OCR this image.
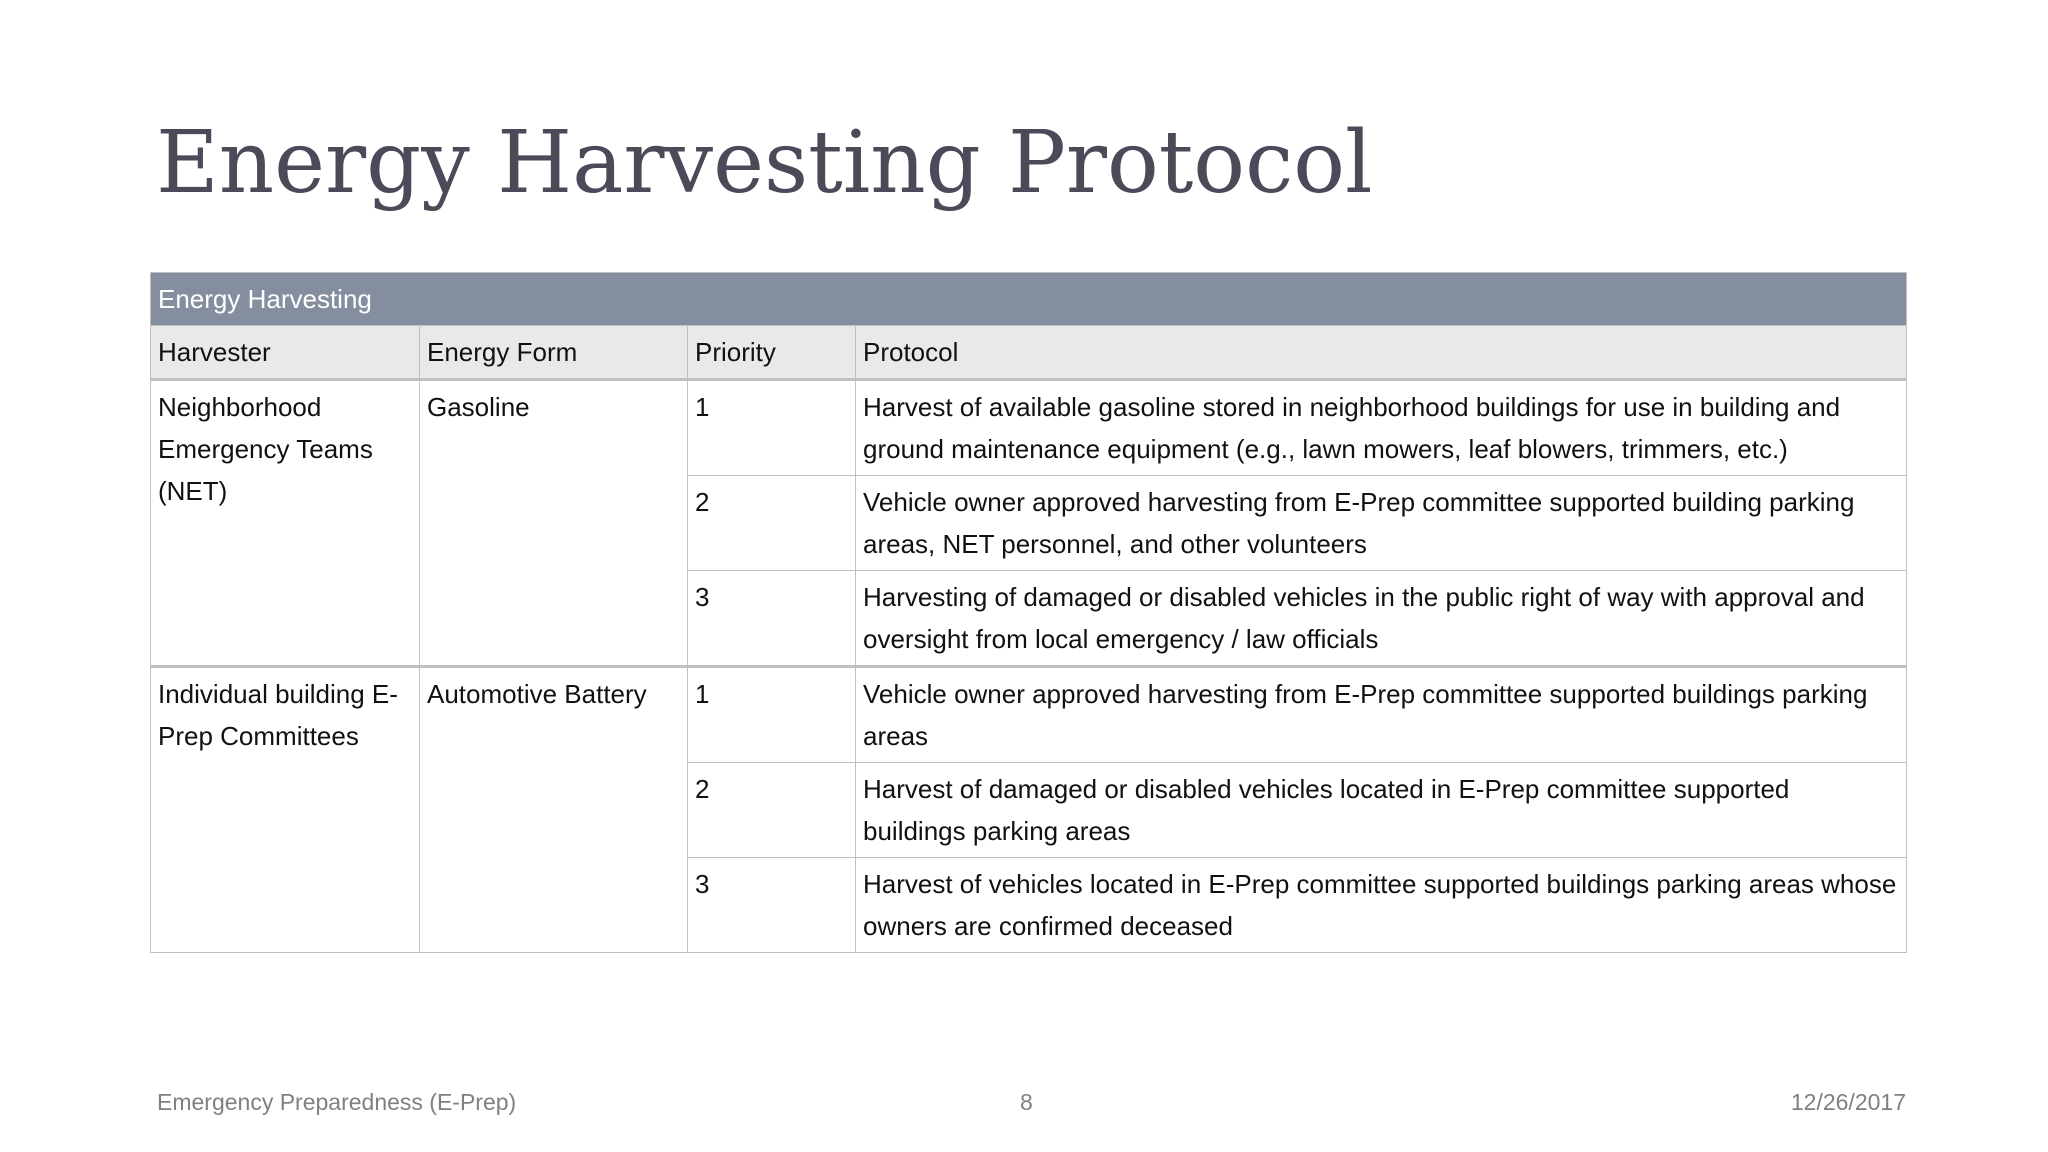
Energy Harvesting Protocol
Energy Harvesting			
Harvester	Energy Form	Priority	Protocol
Neighborhood Emergency Teams (NET)	Gasoline	1	Harvest of available gasoline stored in neighborhood buildings for use in building and ground maintenance equipment (e.g., lawn mowers, leaf blowers, trimmers, etc.)
		2	Vehicle owner approved harvesting from E-Prep committee supported building parking areas, NET personnel, and other volunteers
		3	Harvesting of damaged or disabled vehicles in the public right of way with approval and oversight from local emergency / law officials
Individual building E-Prep Committees	Automotive Battery	1	Vehicle owner approved harvesting from E-Prep committee supported buildings parking areas
		2	Harvest of damaged or disabled vehicles located in E-Prep committee supported buildings parking areas
		3	Harvest of vehicles located in E-Prep committee supported buildings parking areas whose owners are confirmed deceased
Emergency Preparedness (E-Prep)	8	12/26/2017
